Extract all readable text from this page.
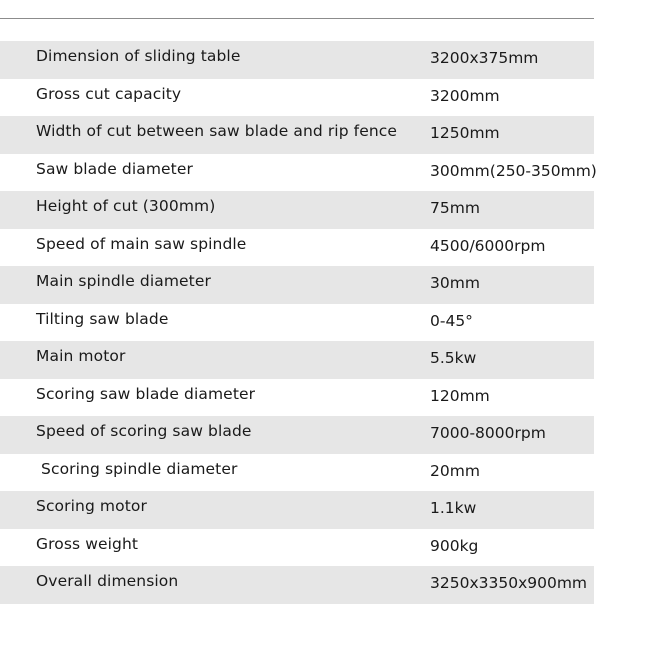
Dimension of sliding table	3200x375mm
Gross cut capacity	3200mm
Width of cut between saw blade and rip fence 1250mm
Saw blade diameter	300mm(250-350mm)
Height of cut (300mm)	75mm
Speed of main saw spindle	4500/6000rpm
Main spindle diameter	30mm
Tilting saw blade	0-45°
Main motor	5.5kw
Scoring saw blade diameter	120mm
Speed of scoring saw blade	7000-8000rpm
Scoring spindle diameter	20mm
Scoring motor	1.1kw
Gross weight	900kg
Overall dimension	3250x3350x900mm
